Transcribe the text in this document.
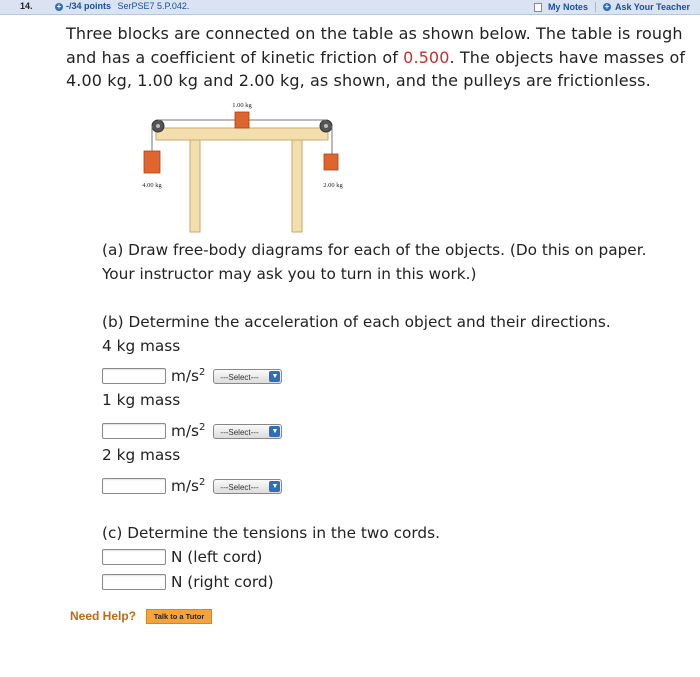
14.	+ -/34 points SerPSE7 5.P.042.	My Notes + Ask Your Teacher
Three blocks are connected on the table as shown below. The table is rough and has a coefficient of kinetic friction of 0.500. The objects have masses of 4.00 kg, 1.00 kg and 2.00 kg, as shown, and the pulleys are frictionless.
1.00 kg
4.00 kg	2.00 kg
(a) Draw free-body diagrams for each of the objects. (Do this on paper. Your instructor may ask you to turn in this work.)
(b) Determine the acceleration of each object and their directions.
4 kg mass
$m/s^2$	---Select--- ▼
1 kg mass
$m/s^2$	---Select--- ▼
2 kg mass
$m/s^2$	---Select--- ▼
(c) Determine the tensions in the two cords.
N (left cord)
N (right cord)
Need Help?	Talk to a Tutor
